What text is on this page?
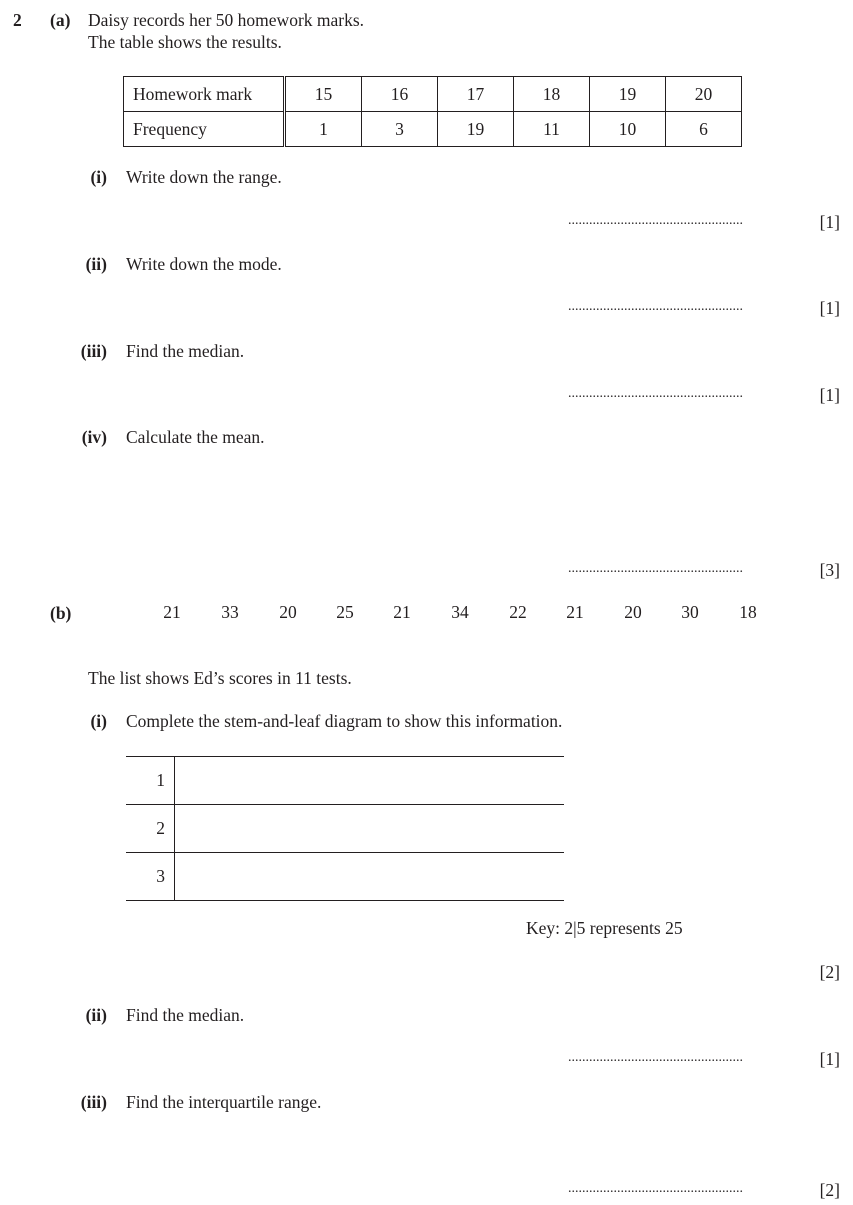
2 (a) Daisy records her 50 homework marks.
The table shows the results.
Homework mark	15	16	17	18	19	20
Frequency	1	3	19	11	10	6
(i) Write down the range.
..................................................	[1]
(ii) Write down the mode.
..................................................	[1]
(iii) Find the median.
..................................................	[1]
(iv) Calculate the mean.
..................................................	[3]
(b)	21	33	20	25	21	34	22	21	20	30	18
The list shows Ed’s scores in 11 tests.
(i) Complete the stem-and-leaf diagram to show this information.
1
2
3
Key: 2|5 represents 25
[2]
(ii) Find the median.
..................................................	[1]
(iii) Find the interquartile range.
..................................................	[2]
